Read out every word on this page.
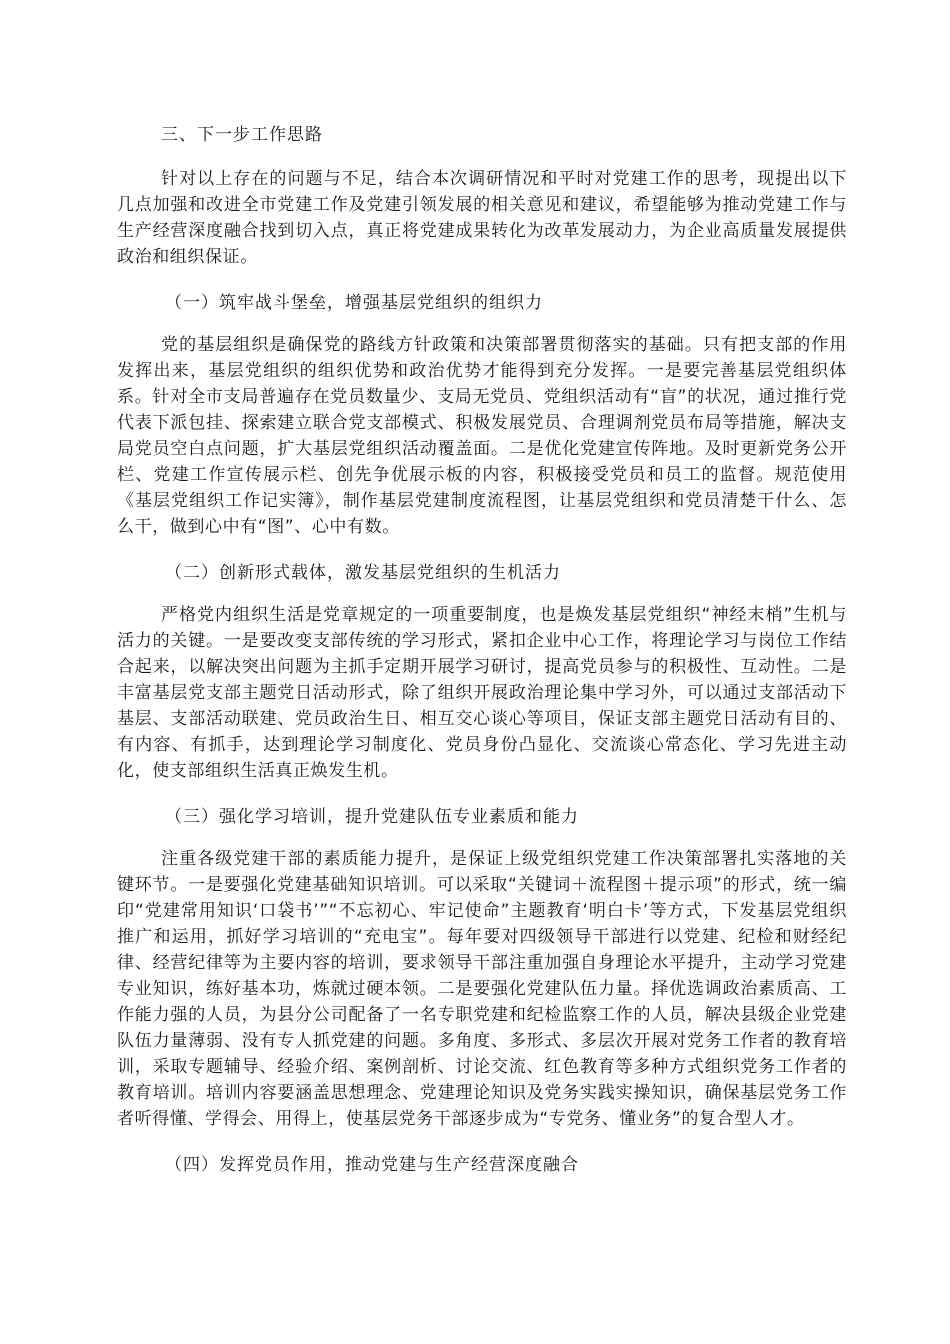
三、下一步工作思路

针对以上存在的问题与不足，结合本次调研情况和平时对党建工作的思考，现提出以下几点加强和改进全市党建工作及党建引领发展的相关意见和建议，希望能够为推动党建工作与生产经营深度融合找到切入点，真正将党建成果转化为改革发展动力，为企业高质量发展提供政治和组织保证。

（一）筑牢战斗堡垒，增强基层党组织的组织力

党的基层组织是确保党的路线方针政策和决策部署贯彻落实的基础。只有把支部的作用发挥出来，基层党组织的组织优势和政治优势才能得到充分发挥。一是要完善基层党组织体系。针对全市支局普遍存在党员数量少、支局无党员、党组织活动有“盲”的状况，通过推行党代表下派包挂、探索建立联合党支部模式、积极发展党员、合理调剂党员布局等措施，解决支局党员空白点问题，扩大基层党组织活动覆盖面。二是优化党建宣传阵地。及时更新党务公开栏、党建工作宣传展示栏、创先争优展示板的内容，积极接受党员和员工的监督。规范使用《基层党组织工作记实簿》，制作基层党建制度流程图，让基层党组织和党员清楚干什么、怎么干，做到心中有“图”、心中有数。

（二）创新形式载体，激发基层党组织的生机活力

严格党内组织生活是党章规定的一项重要制度，也是焕发基层党组织“神经末梢”生机与活力的关键。一是要改变支部传统的学习形式，紧扣企业中心工作，将理论学习与岗位工作结合起来，以解决突出问题为主抓手定期开展学习研讨，提高党员参与的积极性、互动性。二是丰富基层党支部主题党日活动形式，除了组织开展政治理论集中学习外，可以通过支部活动下基层、支部活动联建、党员政治生日、相互交心谈心等项目，保证支部主题党日活动有目的、有内容、有抓手，达到理论学习制度化、党员身份凸显化、交流谈心常态化、学习先进主动化，使支部组织生活真正焕发生机。

（三）强化学习培训，提升党建队伍专业素质和能力

注重各级党建干部的素质能力提升，是保证上级党组织党建工作决策部署扎实落地的关键环节。一是要强化党建基础知识培训。可以采取“关键词＋流程图＋提示项”的形式，统一编印“党建常用知识‘口袋书’”“不忘初心、牢记使命”主题教育‘明白卡’等方式，下发基层党组织推广和运用，抓好学习培训的“充电宝”。每年要对四级领导干部进行以党建、纪检和财经纪律、经营纪律等为主要内容的培训，要求领导干部注重加强自身理论水平提升，主动学习党建专业知识，练好基本功，炼就过硬本领。二是要强化党建队伍力量。择优选调政治素质高、工作能力强的人员，为县分公司配备了一名专职党建和纪检监察工作的人员，解决县级企业党建队伍力量薄弱、没有专人抓党建的问题。多角度、多形式、多层次开展对党务工作者的教育培训，采取专题辅导、经验介绍、案例剖析、讨论交流、红色教育等多种方式组织党务工作者的教育培训。培训内容要涵盖思想理念、党建理论知识及党务实践实操知识，确保基层党务工作者听得懂、学得会、用得上，使基层党务干部逐步成为“专党务、懂业务”的复合型人才。

（四）发挥党员作用，推动党建与生产经营深度融合
